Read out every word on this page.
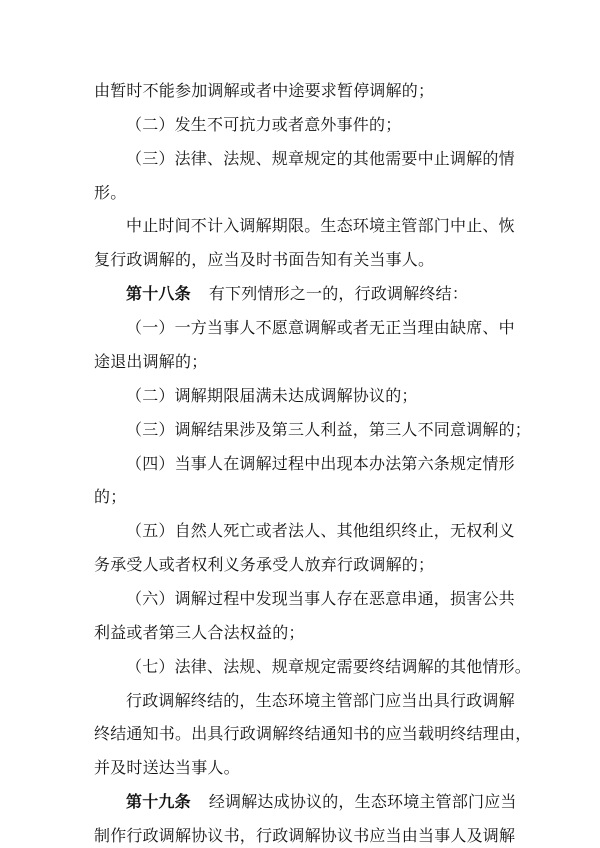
由暂时不能参加调解或者中途要求暂停调解的；
（二）发生不可抗力或者意外事件的；
（三）法律、法规、规章规定的其他需要中止调解的情
形。
中止时间不计入调解期限。生态环境主管部门中止、恢
复行政调解的，应当及时书面告知有关当事人。
第十八条 有下列情形之一的，行政调解终结：
（一）一方当事人不愿意调解或者无正当理由缺席、中
途退出调解的；
（二）调解期限届满未达成调解协议的；
（三）调解结果涉及第三人利益，第三人不同意调解的；
（四）当事人在调解过程中出现本办法第六条规定情形
的；
（五）自然人死亡或者法人、其他组织终止，无权利义
务承受人或者权利义务承受人放弃行政调解的；
（六）调解过程中发现当事人存在恶意串通，损害公共
利益或者第三人合法权益的；
（七）法律、法规、规章规定需要终结调解的其他情形。
行政调解终结的，生态环境主管部门应当出具行政调解
终结通知书。出具行政调解终结通知书的应当载明终结理由，
并及时送达当事人。
第十九条 经调解达成协议的，生态环境主管部门应当
制作行政调解协议书，行政调解协议书应当由当事人及调解
